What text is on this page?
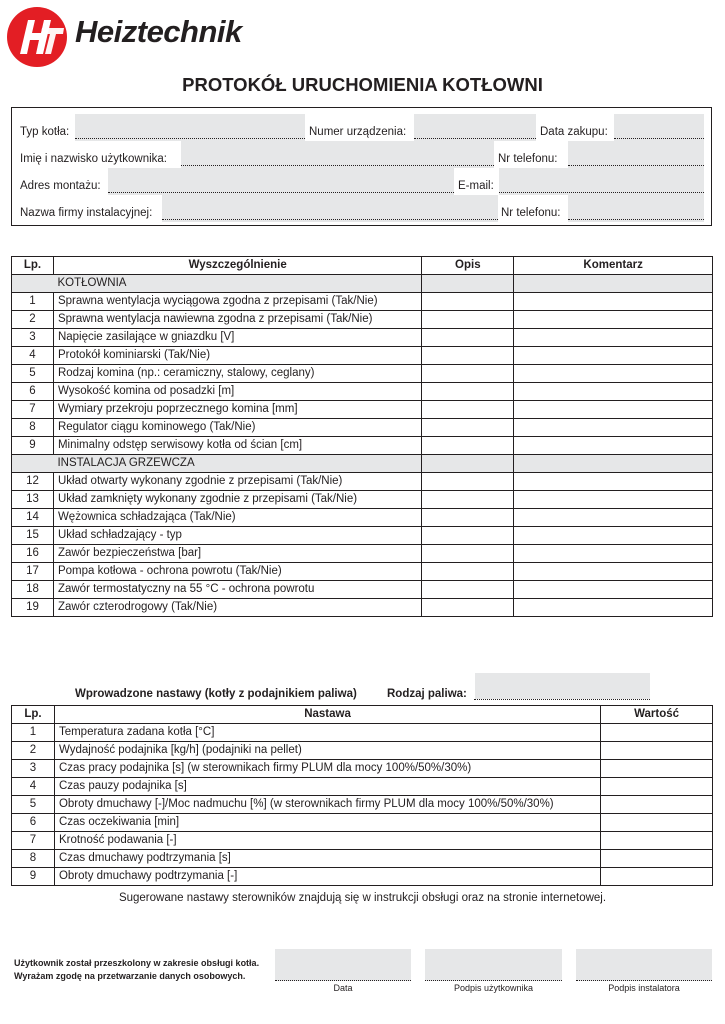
Heiztechnik
PROTOKÓŁ URUCHOMIENIA KOTŁOWNI
Typ kotła:	Numer urządzenia:	Data zakupu:
Imię i nazwisko użytkownika:	Nr telefonu:
Adres montażu:	E-mail:
Nazwa firmy instalacyjnej:	Nr telefonu:
Lp.	Wyszczególnienie	Opis	Komentarz
	KOTŁOWNIA		
1	Sprawna wentylacja wyciągowa zgodna z przepisami (Tak/Nie)		
2	Sprawna wentylacja nawiewna zgodna z przepisami (Tak/Nie)		
3	Napięcie zasilające w gniazdku [V]		
4	Protokół kominiarski (Tak/Nie)		
5	Rodzaj komina (np.: ceramiczny, stalowy, ceglany)		
6	Wysokość komina od posadzki [m]		
7	Wymiary przekroju poprzecznego komina [mm]		
8	Regulator ciągu kominowego (Tak/Nie)		
9	Minimalny odstęp serwisowy kotła od ścian [cm]		
	INSTALACJA GRZEWCZA		
12	Układ otwarty wykonany zgodnie z przepisami (Tak/Nie)		
13	Układ zamknięty wykonany zgodnie z przepisami (Tak/Nie)		
14	Wężownica schładzająca (Tak/Nie)		
15	Układ schładzający - typ		
16	Zawór bezpieczeństwa [bar]		
17	Pompa kotłowa - ochrona powrotu (Tak/Nie)		
18	Zawór termostatyczny na 55 °C - ochrona powrotu		
19	Zawór czterodrogowy (Tak/Nie)		
Wprowadzone nastawy (kotły z podajnikiem paliwa)	Rodzaj paliwa:
Lp.	Nastawa	Wartość
1	Temperatura zadana kotła [°C]	
2	Wydajność podajnika [kg/h] (podajniki na pellet)	
3	Czas pracy podajnika [s] (w sterownikach firmy PLUM dla mocy 100%/50%/30%)	
4	Czas pauzy podajnika [s]	
5	Obroty dmuchawy [-]/Moc nadmuchu [%] (w sterownikach firmy PLUM dla mocy 100%/50%/30%)	
6	Czas oczekiwania [min]	
7	Krotność podawania [-]	
8	Czas dmuchawy podtrzymania [s]	
9	Obroty dmuchawy podtrzymania [-]	
Sugerowane nastawy sterowników znajdują się w instrukcji obsługi oraz na stronie internetowej.
Użytkownik został przeszkolony w zakresie obsługi kotła.
Wyrażam zgodę na przetwarzanie danych osobowych.
Data	Podpis użytkownika	Podpis instalatora
